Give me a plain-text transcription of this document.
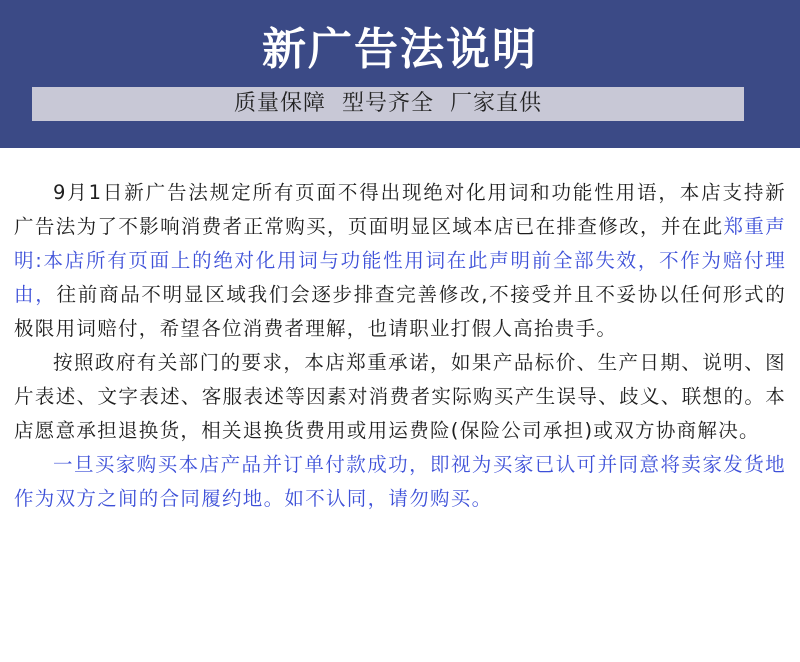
新广告法说明
质量保障  型号齐全  厂家直供

9月1日新广告法规定所有页面不得出现绝对化用词和功能性用语，本店支持新广告法为了不影响消费者正常购买，页面明显区域本店已在排查修改，并在此郑重声明:本店所有页面上的绝对化用词与功能性用词在此声明前全部失效，不作为赔付理由，往前商品不明显区域我们会逐步排查完善修改,不接受并且不妥协以任何形式的极限用词赔付，希望各位消费者理解，也请职业打假人高抬贵手。

按照政府有关部门的要求，本店郑重承诺，如果产品标价、生产日期、说明、图片表述、文字表述、客服表述等因素对消费者实际购买产生误导、歧义、联想的。本店愿意承担退换货，相关退换货费用或用运费险(保险公司承担)或双方协商解决。

一旦买家购买本店产品并订单付款成功，即视为买家已认可并同意将卖家发货地作为双方之间的合同履约地。如不认同，请勿购买。
